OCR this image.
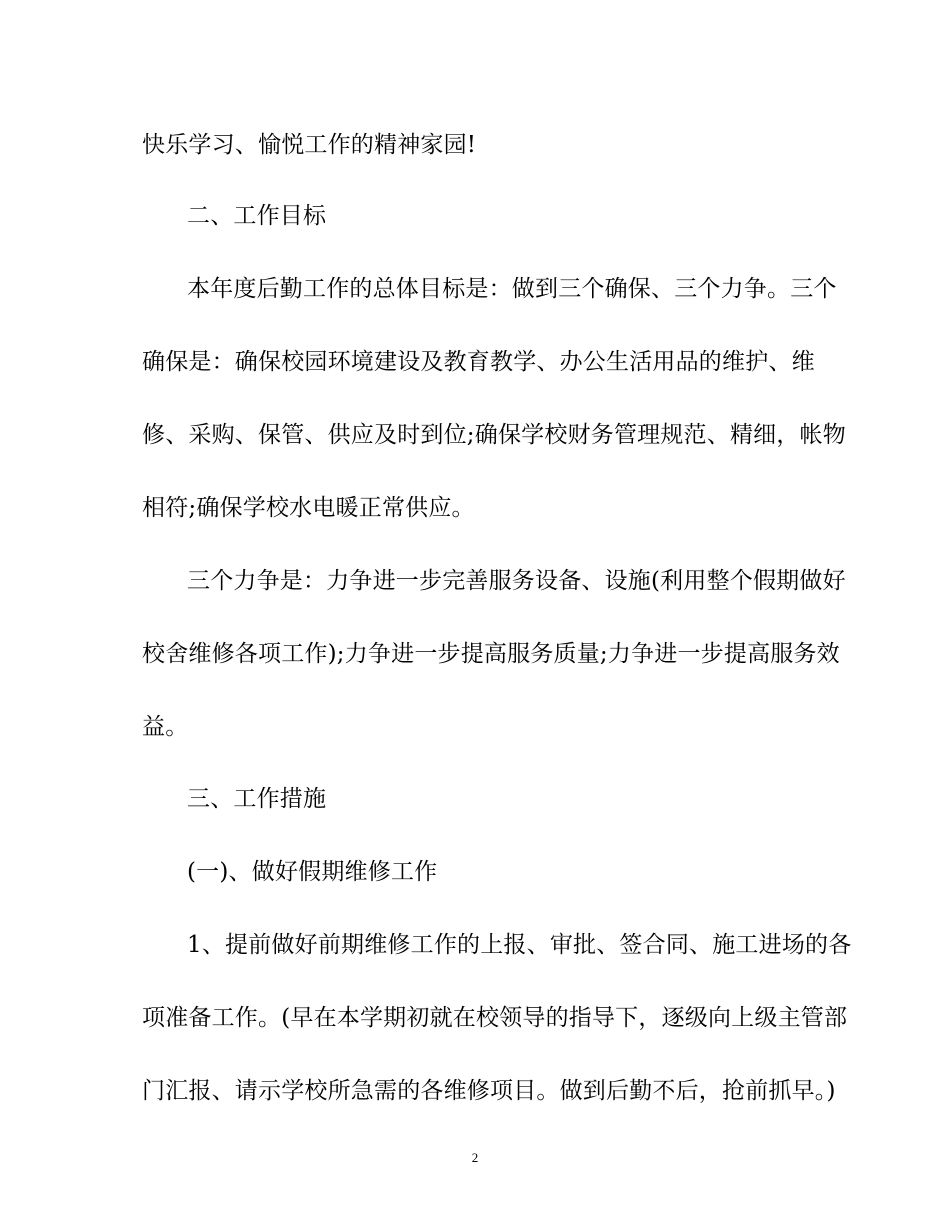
快乐学习、愉悦工作的精神家园!
二、工作目标
本年度后勤工作的总体目标是：做到三个确保、三个力争。三个
确保是：确保校园环境建设及教育教学、办公生活用品的维护、维
修、采购、保管、供应及时到位;确保学校财务管理规范、精细，帐物
相符;确保学校水电暖正常供应。
三个力争是：力争进一步完善服务设备、设施(利用整个假期做好
校舍维修各项工作);力争进一步提高服务质量;力争进一步提高服务效
益。
三、工作措施
(一)、做好假期维修工作
1、提前做好前期维修工作的上报、审批、签合同、施工进场的各
项准备工作。(早在本学期初就在校领导的指导下，逐级向上级主管部
门汇报、请示学校所急需的各维修项目。做到后勤不后，抢前抓早。)
2
